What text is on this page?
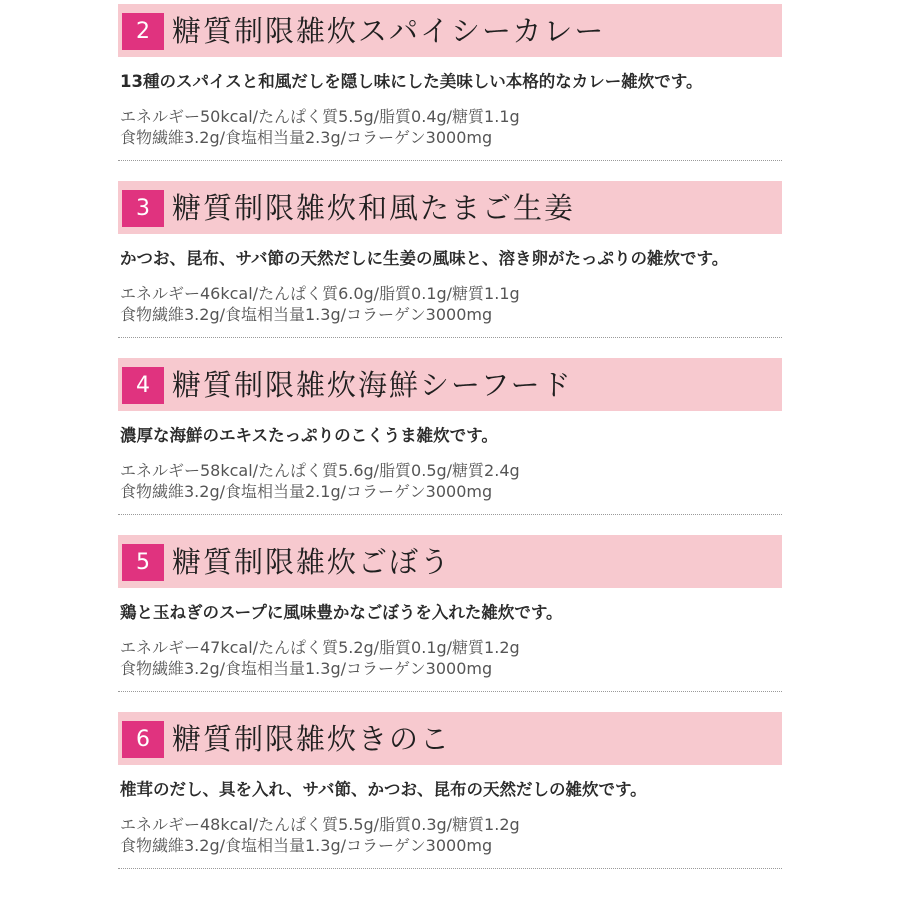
2 糖質制限雑炊スパイシーカレー
13種のスパイスと和風だしを隠し味にした美味しい本格的なカレー雑炊です。
エネルギー50kcal/たんぱく質5.5g/脂質0.4g/糖質1.1g
食物繊維3.2g/食塩相当量2.3g/コラーゲン3000mg
3 糖質制限雑炊和風たまご生姜
かつお、昆布、サバ節の天然だしに生姜の風味と、溶き卵がたっぷりの雑炊です。
エネルギー46kcal/たんぱく質6.0g/脂質0.1g/糖質1.1g
食物繊維3.2g/食塩相当量1.3g/コラーゲン3000mg
4 糖質制限雑炊海鮮シーフード
濃厚な海鮮のエキスたっぷりのこくうま雑炊です。
エネルギー58kcal/たんぱく質5.6g/脂質0.5g/糖質2.4g
食物繊維3.2g/食塩相当量2.1g/コラーゲン3000mg
5 糖質制限雑炊ごぼう
鶏と玉ねぎのスープに風味豊かなごぼうを入れた雑炊です。
エネルギー47kcal/たんぱく質5.2g/脂質0.1g/糖質1.2g
食物繊維3.2g/食塩相当量1.3g/コラーゲン3000mg
6 糖質制限雑炊きのこ
椎茸のだし、具を入れ、サバ節、かつお、昆布の天然だしの雑炊です。
エネルギー48kcal/たんぱく質5.5g/脂質0.3g/糖質1.2g
食物繊維3.2g/食塩相当量1.3g/コラーゲン3000mg
